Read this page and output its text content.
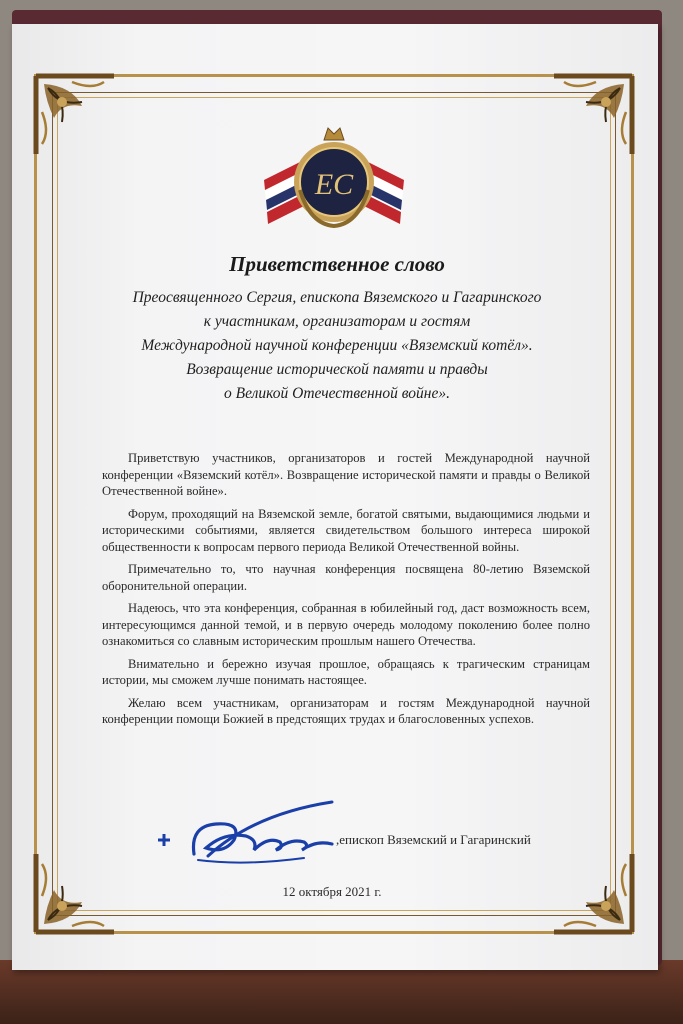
ЕС
Приветственное слово
Преосвященного Сергия, епископа Вяземского и Гагаринского
к участникам, организаторам и гостям
Международной научной конференции «Вяземский котёл».
Возвращение исторической памяти и правды
о Великой Отечественной войне».

Приветствую участников, организаторов и гостей Международной научной конференции «Вяземский котёл». Возвращение исторической памяти и правды о Великой Отечественной войне».

Форум, проходящий на Вяземской земле, богатой святыми, выдающимися людьми и историческими событиями, является свидетельством большого интереса широкой общественности к вопросам первого периода Великой Отечественной войны.

Примечательно то, что научная конференция посвящена 80-летию Вяземской оборонительной операции.

Надеюсь, что эта конференция, собранная в юбилейный год, даст возможность всем, интересующимся данной темой, и в первую очередь молодому поколению более полно ознакомиться со славным историческим прошлым нашего Отечества.

Внимательно и бережно изучая прошлое, обращаясь к трагическим страницам истории, мы сможем лучше понимать настоящее.

Желаю всем участникам, организаторам и гостям Международной научной конференции помощи Божией в предстоящих трудах и благословенных успехов.

,епископ Вяземский и Гагаринский
12 октября 2021 г.
